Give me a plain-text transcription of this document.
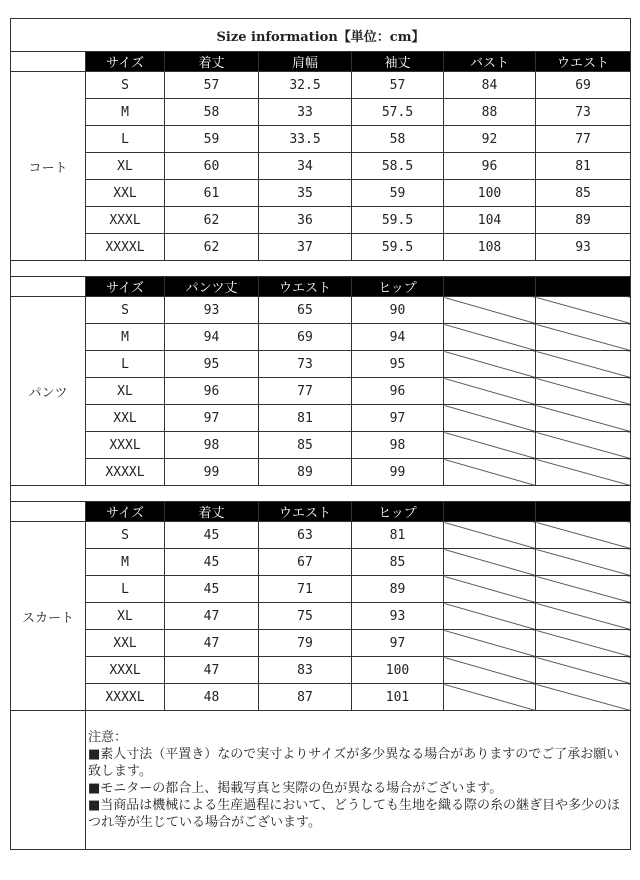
Size information【単位：cm】						
	サイズ	着丈	肩幅	袖丈	バスト	ウエスト
コート	S	57	32.5	57	84	69
	M	58	33	57.5	88	73
	L	59	33.5	58	92	77
	XL	60	34	58.5	96	81
	XXL	61	35	59	100	85
	XXXL	62	36	59.5	104	89
	XXXXL	62	37	59.5	108	93

	サイズ	パンツ丈	ウエスト	ヒップ		
パンツ	S	93	65	90		
	M	94	69	94		
	L	95	73	95		
	XL	96	77	96		
	XXL	97	81	97		
	XXXL	98	85	98		
	XXXXL	99	89	99		

	サイズ	着丈	ウエスト	ヒップ		
スカート	S	45	63	81		
	M	45	67	85		
	L	45	71	89		
	XL	47	75	93		
	XXL	47	79	97		
	XXXL	47	83	100		
	XXXXL	48	87	101		

	注意：
■素人寸法（平置き）なので実寸よりサイズが多少異なる場合がありますのでご了承お願い致します。
■モニターの都合上、掲載写真と実際の色が異なる場合がございます。
■当商品は機械による生産過程において、どうしても生地を織る際の糸の継ぎ目や多少のほつれ等が生じている場合がございます。					
